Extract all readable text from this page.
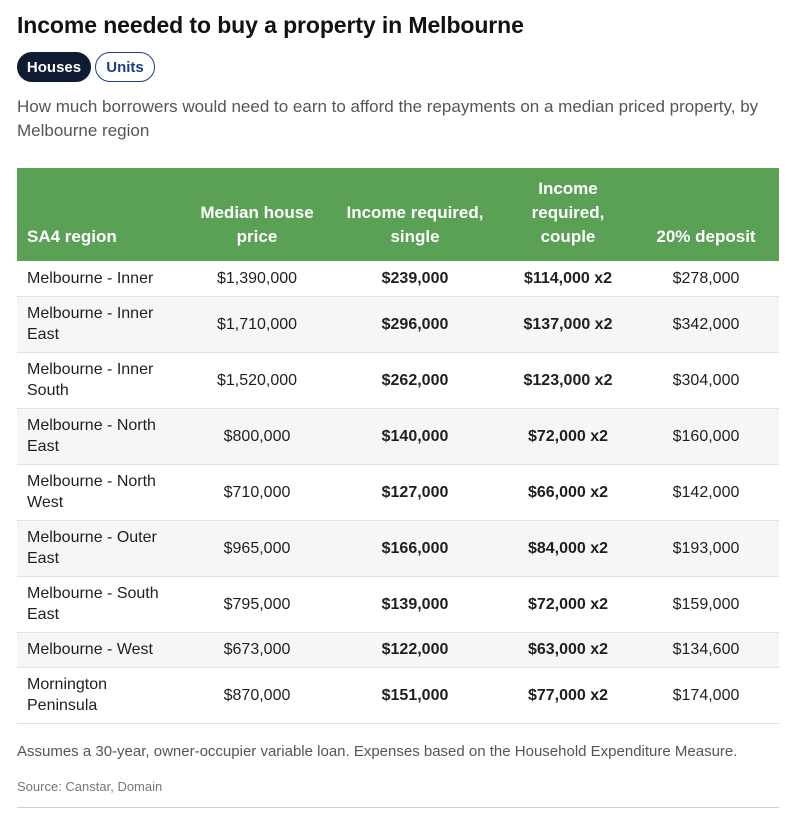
Income needed to buy a property in Melbourne
Houses	Units
How much borrowers would need to earn to afford the repayments on a median priced property, by Melbourne region
SA4 region	Median house price	Income required, single	Income required, couple	20% deposit
Melbourne - Inner	$1,390,000	$239,000	$114,000 x2	$278,000
Melbourne - Inner East	$1,710,000	$296,000	$137,000 x2	$342,000
Melbourne - Inner South	$1,520,000	$262,000	$123,000 x2	$304,000
Melbourne - North East	$800,000	$140,000	$72,000 x2	$160,000
Melbourne - North West	$710,000	$127,000	$66,000 x2	$142,000
Melbourne - Outer East	$965,000	$166,000	$84,000 x2	$193,000
Melbourne - South East	$795,000	$139,000	$72,000 x2	$159,000
Melbourne - West	$673,000	$122,000	$63,000 x2	$134,600
Mornington Peninsula	$870,000	$151,000	$77,000 x2	$174,000
Assumes a 30-year, owner-occupier variable loan. Expenses based on the Household Expenditure Measure.
Source: Canstar, Domain
